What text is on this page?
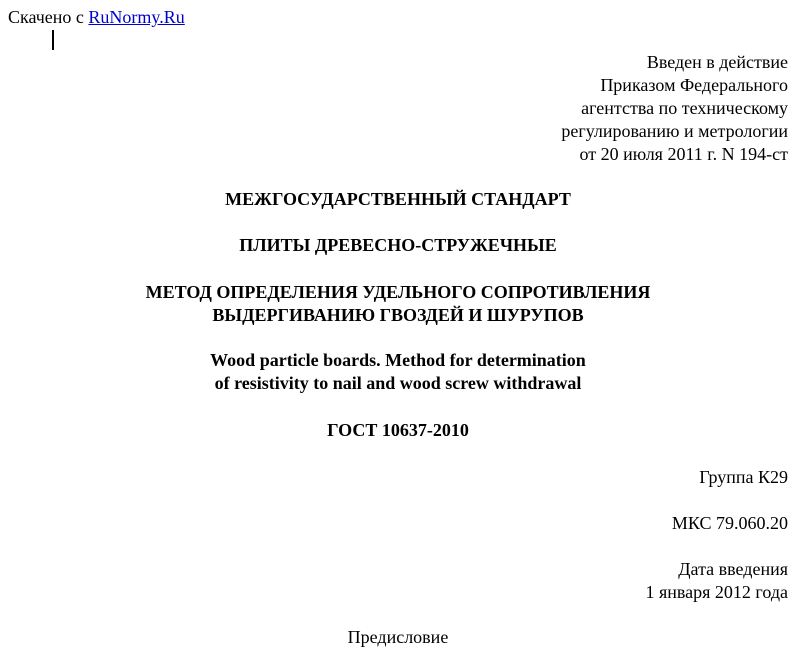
Скачено с RuNormy.Ru
Введен в действие
Приказом Федерального
агентства по техническому
регулированию и метрологии
от 20 июля 2011 г. N 194-ст
МЕЖГОСУДАРСТВЕННЫЙ СТАНДАРТ
ПЛИТЫ ДРЕВЕСНО-СТРУЖЕЧНЫЕ
МЕТОД ОПРЕДЕЛЕНИЯ УДЕЛЬНОГО СОПРОТИВЛЕНИЯ
ВЫДЕРГИВАНИЮ ГВОЗДЕЙ И ШУРУПОВ
Wood particle boards. Method for determination
of resistivity to nail and wood screw withdrawal
ГОСТ 10637-2010
Группа К29
МКС 79.060.20
Дата введения
1 января 2012 года
Предисловие
